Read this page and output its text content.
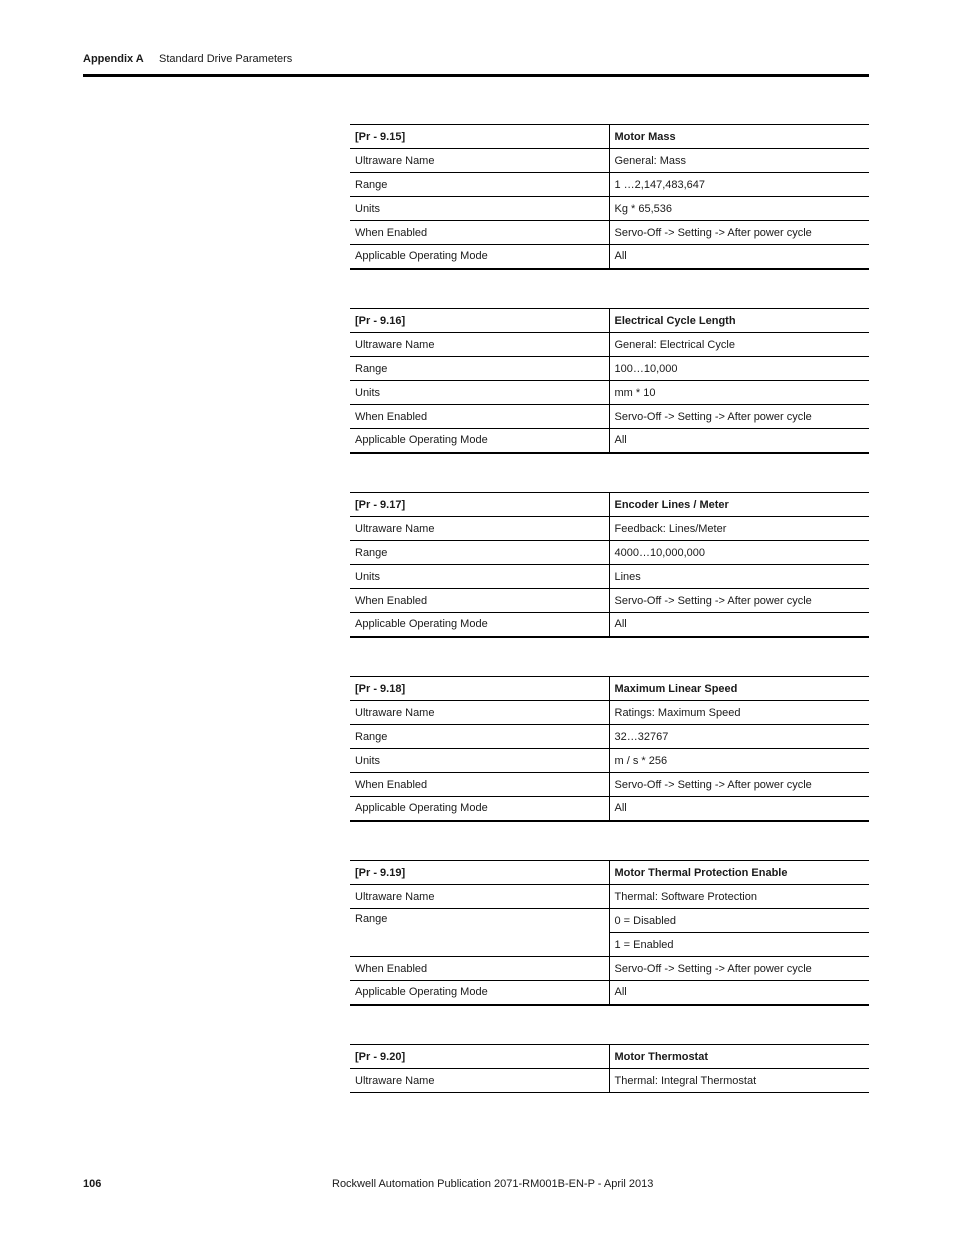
Appendix A Standard Drive Parameters
[Pr - 9.15]	Motor Mass
Ultraware Name	General: Mass
Range	1 …2,147,483,647
Units	Kg * 65,536
When Enabled	Servo-Off -> Setting -> After power cycle
Applicable Operating Mode	All
[Pr - 9.16]	Electrical Cycle Length
Ultraware Name	General: Electrical Cycle
Range	100…10,000
Units	mm * 10
When Enabled	Servo-Off -> Setting -> After power cycle
Applicable Operating Mode	All
[Pr - 9.17]	Encoder Lines / Meter
Ultraware Name	Feedback: Lines/Meter
Range	4000…10,000,000
Units	Lines
When Enabled	Servo-Off -> Setting -> After power cycle
Applicable Operating Mode	All
[Pr - 9.18]	Maximum Linear Speed
Ultraware Name	Ratings: Maximum Speed
Range	32…32767
Units	m / s * 256
When Enabled	Servo-Off -> Setting -> After power cycle
Applicable Operating Mode	All
[Pr - 9.19]	Motor Thermal Protection Enable
Ultraware Name	Thermal: Software Protection
Range	0 = Disabled
	1 = Enabled
When Enabled	Servo-Off -> Setting -> After power cycle
Applicable Operating Mode	All
[Pr - 9.20]	Motor Thermostat
Ultraware Name	Thermal: Integral Thermostat
106	Rockwell Automation Publication 2071-RM001B-EN-P - April 2013
